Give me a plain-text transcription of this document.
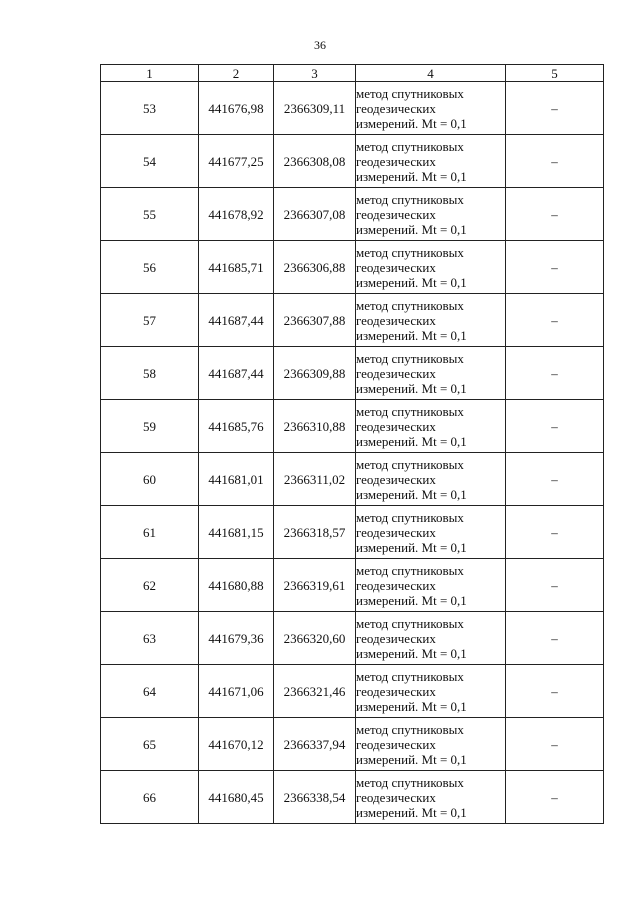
36
1	2	3	4	5
53	441676,98	2366309,11	метод спутниковых
геодезических
измерений. Mt = 0,1	–
54	441677,25	2366308,08	метод спутниковых
геодезических
измерений. Mt = 0,1	–
55	441678,92	2366307,08	метод спутниковых
геодезических
измерений. Mt = 0,1	–
56	441685,71	2366306,88	метод спутниковых
геодезических
измерений. Mt = 0,1	–
57	441687,44	2366307,88	метод спутниковых
геодезических
измерений. Mt = 0,1	–
58	441687,44	2366309,88	метод спутниковых
геодезических
измерений. Mt = 0,1	–
59	441685,76	2366310,88	метод спутниковых
геодезических
измерений. Mt = 0,1	–
60	441681,01	2366311,02	метод спутниковых
геодезических
измерений. Mt = 0,1	–
61	441681,15	2366318,57	метод спутниковых
геодезических
измерений. Mt = 0,1	–
62	441680,88	2366319,61	метод спутниковых
геодезических
измерений. Mt = 0,1	–
63	441679,36	2366320,60	метод спутниковых
геодезических
измерений. Mt = 0,1	–
64	441671,06	2366321,46	метод спутниковых
геодезических
измерений. Mt = 0,1	–
65	441670,12	2366337,94	метод спутниковых
геодезических
измерений. Mt = 0,1	–
66	441680,45	2366338,54	метод спутниковых
геодезических
измерений. Mt = 0,1	–
